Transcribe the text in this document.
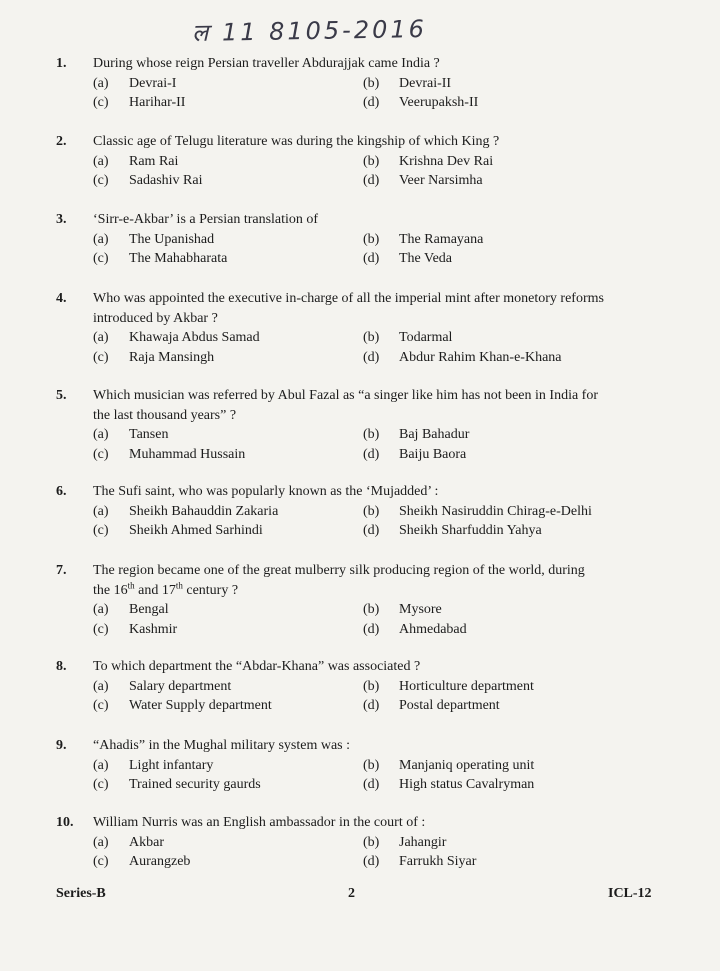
ल 11 8105-2016
1. During whose reign Persian traveller Abdurajjak came India ?
(a) Devrai-I	(b) Devrai-II
(c) Harihar-II	(d) Veerupaksh-II
2. Classic age of Telugu literature was during the kingship of which King ?
(a) Ram Rai	(b) Krishna Dev Rai
(c) Sadashiv Rai	(d) Veer Narsimha
3. ‘Sirr-e-Akbar’ is a Persian translation of
(a) The Upanishad	(b) The Ramayana
(c) The Mahabharata	(d) The Veda
4. Who was appointed the executive in-charge of all the imperial mint after monetory reforms
introduced by Akbar ?
(a) Khawaja Abdus Samad	(b) Todarmal
(c) Raja Mansingh	(d) Abdur Rahim Khan-e-Khana
5. Which musician was referred by Abul Fazal as “a singer like him has not been in India for
the last thousand years” ?
(a) Tansen	(b) Baj Bahadur
(c) Muhammad Hussain	(d) Baiju Baora
6. The Sufi saint, who was popularly known as the ‘Mujadded’ :
(a) Sheikh Bahauddin Zakaria	(b) Sheikh Nasiruddin Chirag-e-Delhi
(c) Sheikh Ahmed Sarhindi	(d) Sheikh Sharfuddin Yahya
7. The region became one of the great mulberry silk producing region of the world, during
the 16th and 17th century ?
(a) Bengal	(b) Mysore
(c) Kashmir	(d) Ahmedabad
8. To which department the “Abdar-Khana” was associated ?
(a) Salary department	(b) Horticulture department
(c) Water Supply department	(d) Postal department
9. “Ahadis” in the Mughal military system was :
(a) Light infantary	(b) Manjaniq operating unit
(c) Trained security gaurds	(d) High status Cavalryman
10. William Nurris was an English ambassador in the court of :
(a) Akbar	(b) Jahangir
(c) Aurangzeb	(d) Farrukh Siyar
Series-B	2	ICL-12
